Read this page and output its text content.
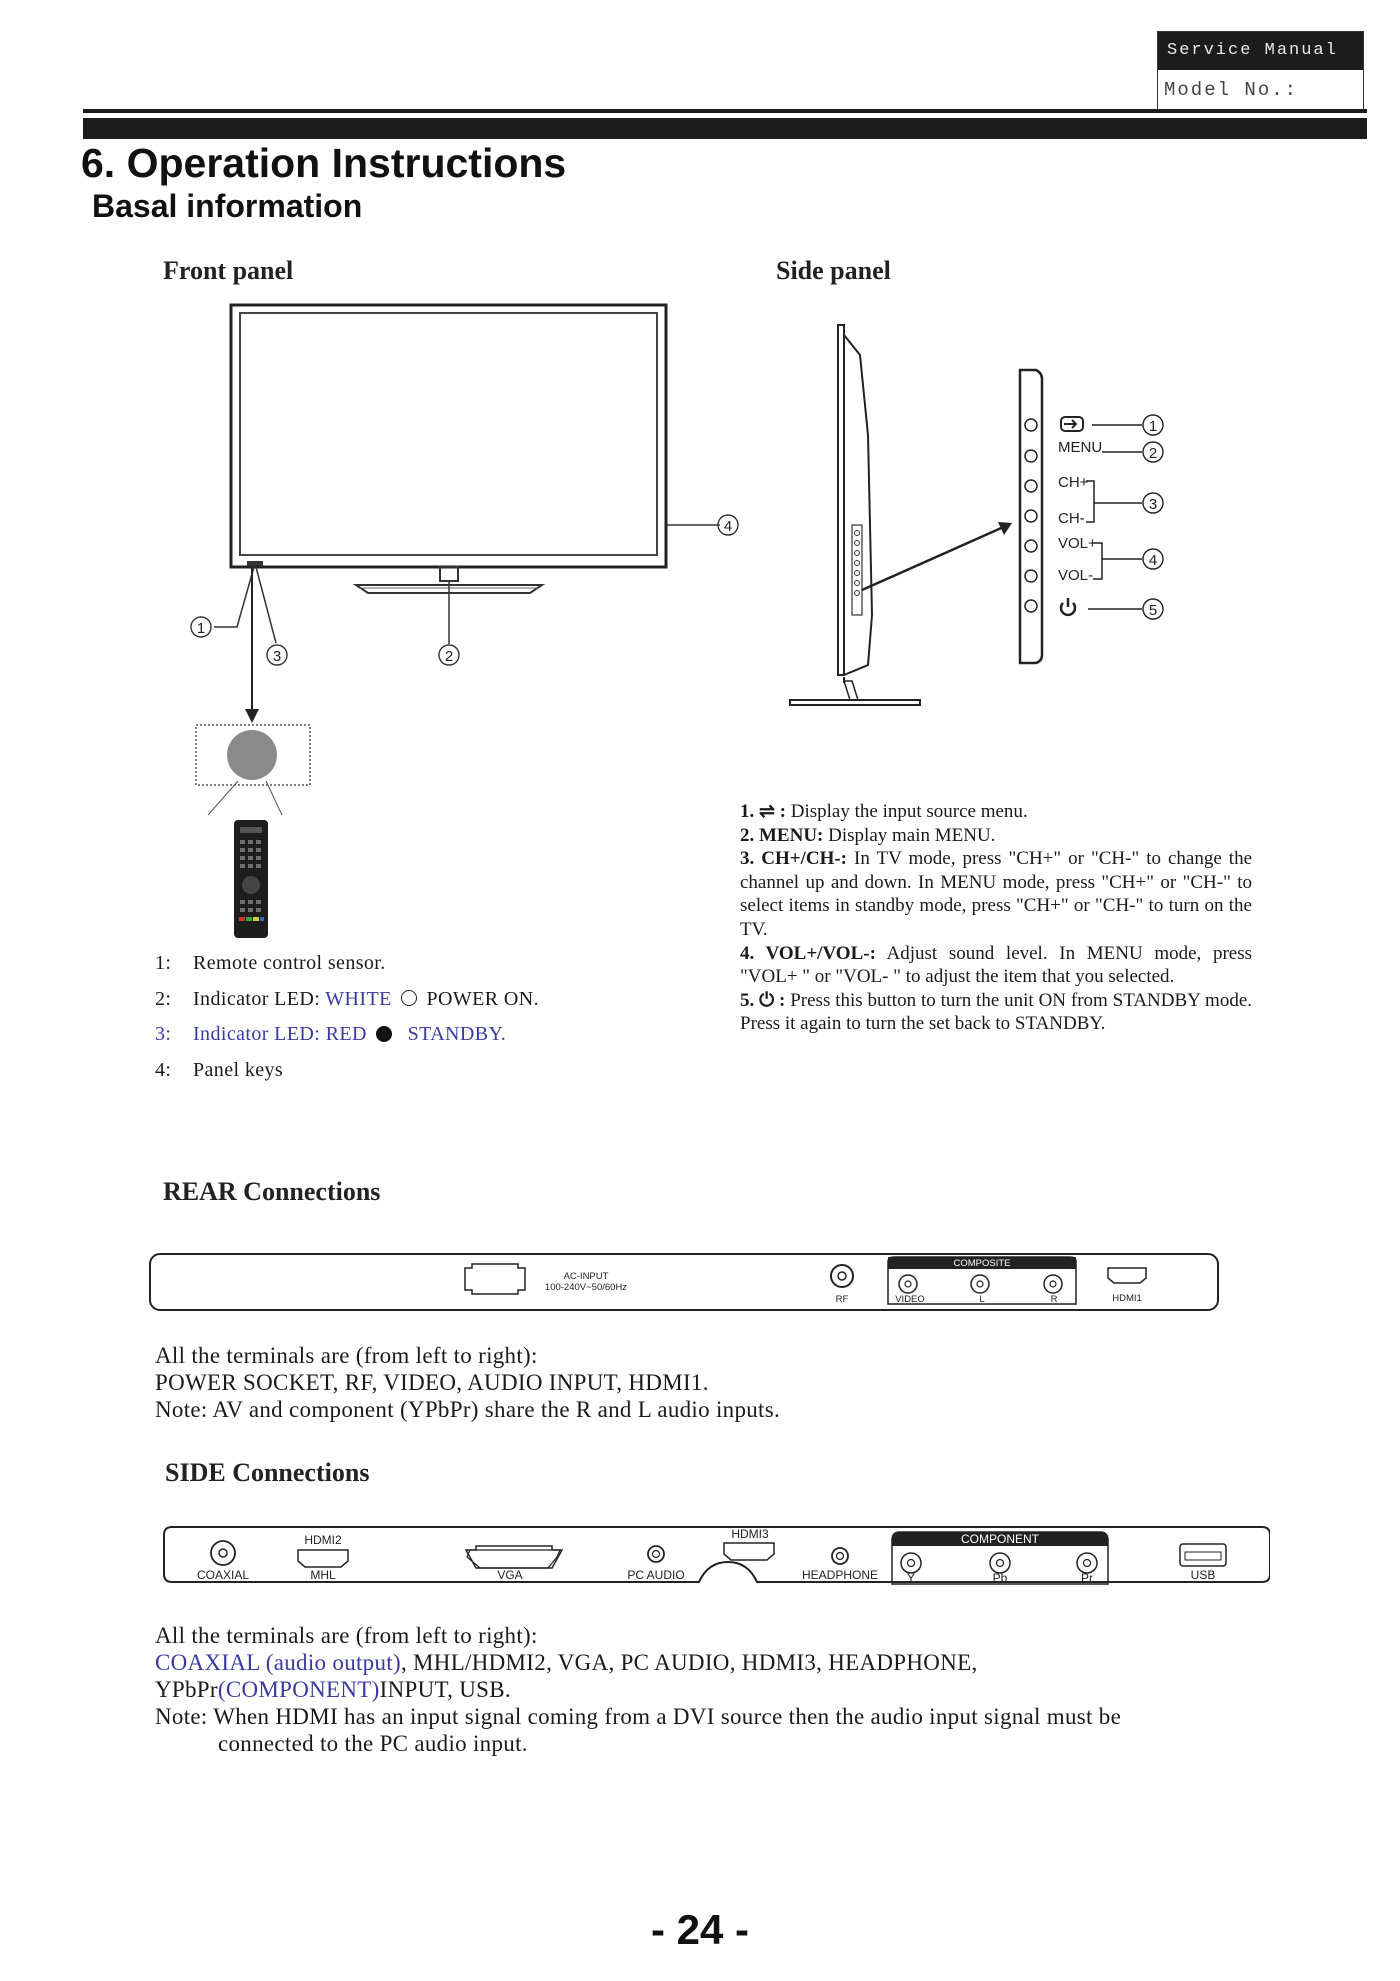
Service Manual
Model No.:
6. Operation Instructions
Basal information
Front panel
4
1
3	2
1: Remote control sensor.
2: Indicator LED: WHITE POWER ON.
3: Indicator LED: RED STANDBY.
4: Panel keys
Side panel
1
MENU	2
CH+
CH-
3
VOL+
VOL-
4
5

1. ⇌ : Display the input source menu.

2. MENU: Display main MENU.

3. CH+/CH-: In TV mode, press "CH+" or "CH-" to change the channel up and down. In MENU mode, press "CH+" or "CH-" to select items in standby mode, press "CH+" or "CH-" to turn on the TV.

4. VOL+/VOL-: Adjust sound level. In MENU mode, press "VOL+ " or "VOL- " to adjust the item that you selected.

5. ⏻ : Press this button to turn the unit ON from STANDBY mode. Press it again to turn the set back to STANDBY.

REAR Connections
AC-INPUT
100-240V~50/60Hz
RF
COMPOSITE
VIDEO	L	R	HDMI1

All the terminals are (from left to right):

POWER SOCKET, RF, VIDEO, AUDIO INPUT, HDMI1.

Note: AV and component (YPbPr) share the R and L audio inputs.

SIDE Connections
COAXIAL
HDMI2
MHL	VGA	PC AUDIO
HDMI3
HEADPHONE
COMPONENT
Y	Pb	Pr	USB

All the terminals are (from left to right):

COAXIAL (audio output), MHL/HDMI2, VGA, PC AUDIO, HDMI3, HEADPHONE,

YPbPr(COMPONENT)INPUT, USB.

Note: When HDMI has an input signal coming from a DVI source then the audio input signal must be

connected to the PC audio input.

- 24 -
